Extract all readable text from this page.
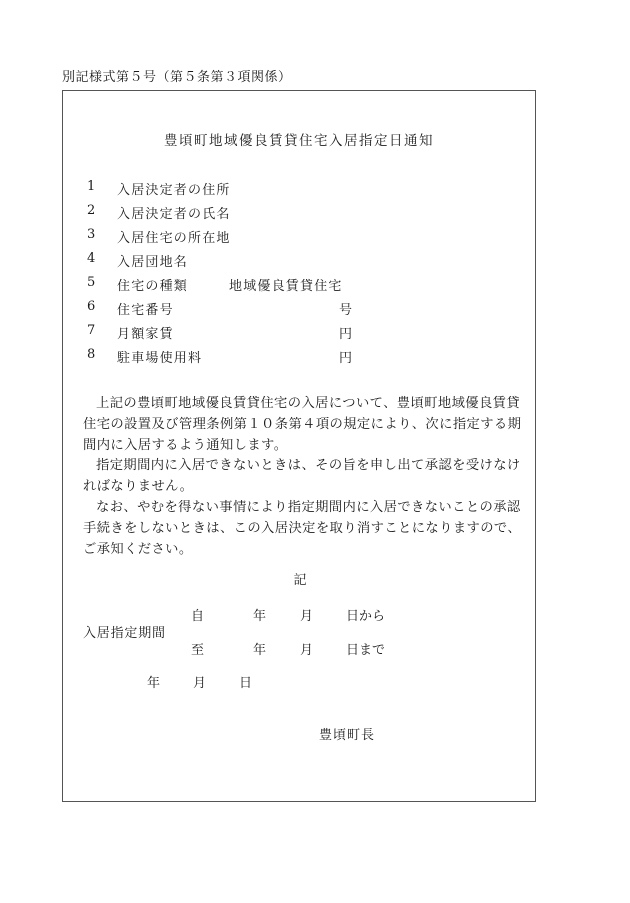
別記様式第５号（第５条第３項関係）
豊頃町地域優良賃貸住宅入居指定日通知
1 入居決定者の住所
2 入居決定者の氏名
3 入居住宅の所在地
4 入居団地名
5 住宅の種類	地域優良賃貸住宅
6 住宅番号	号
7 月額家賃	円
8 駐車場使用料	円
上記の豊頃町地域優良賃貸住宅の入居について、豊頃町地域優良賃貸住宅の設置及び管理条例第１０条第４項の規定により、次に指定する期間内に入居するよう通知します。
指定期間内に入居できないときは、その旨を申し出て承認を受けなければなりません。
なお、やむを得ない事情により指定期間内に入居できないことの承認手続きをしないときは、この入居決定を取り消すことになりますので、ご承知ください。
記
入居指定期間
自	年	月	日から
至	年	月	日まで
年	月	日
豊頃町長
